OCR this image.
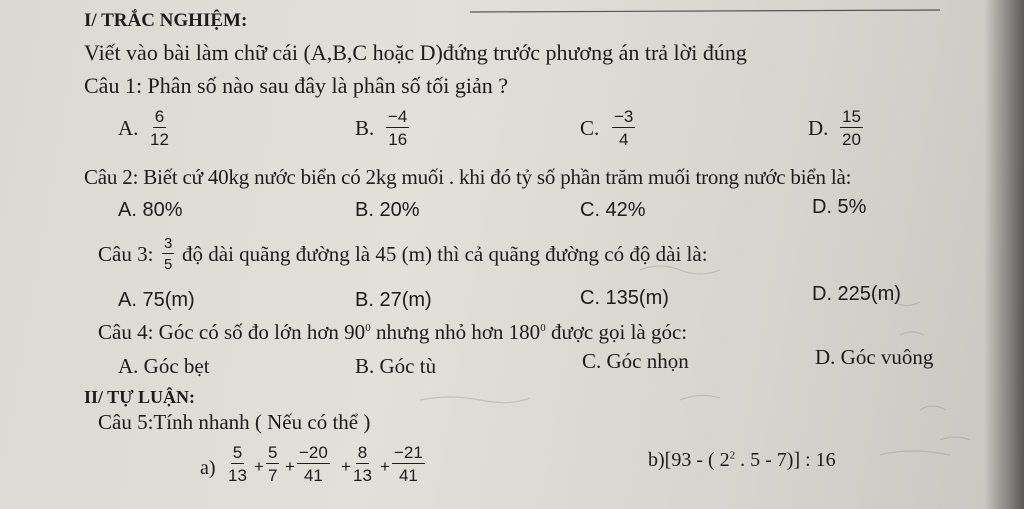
I/ TRẮC NGHIỆM:
Viết vào bài làm chữ cái (A,B,C hoặc D)đứng trước phương án trả lời đúng
Câu 1: Phân số nào sau đây là phân số tối giản ?
A. $\frac{6}{12}$	B. $\frac{-4}{16}$	C. $\frac{-3}{4}$	D. $\frac{15}{20}$
Câu 2: Biết cứ 40kg nước biển có 2kg muối . khi đó tỷ số phần trăm muối trong nước biển là:
A. 80%	B. 20%	C. 42%	D. 5%
Câu 3: $\frac{3}{5}$ độ dài quãng đường là 45 (m) thì cả quãng đường có độ dài là:
A. 75(m)	B. 27(m)	C. 135(m)	D. 225(m)
Câu 4: Góc có số đo lớn hơn $90^0$ nhưng nhỏ hơn $180^0$ được gọi là góc:
A. Góc bẹt	B. Góc tù	C. Góc nhọn	D. Góc vuông
II/ TỰ LUẬN:
Câu 5:Tính nhanh ( Nếu có thể )
$a) \frac{5}{13} + \frac{5}{7} + \frac{-20}{41} + \frac{8}{13} + \frac{-21}{41}$	b)[93 - ( $2^2$ . 5 - 7)] : 16
